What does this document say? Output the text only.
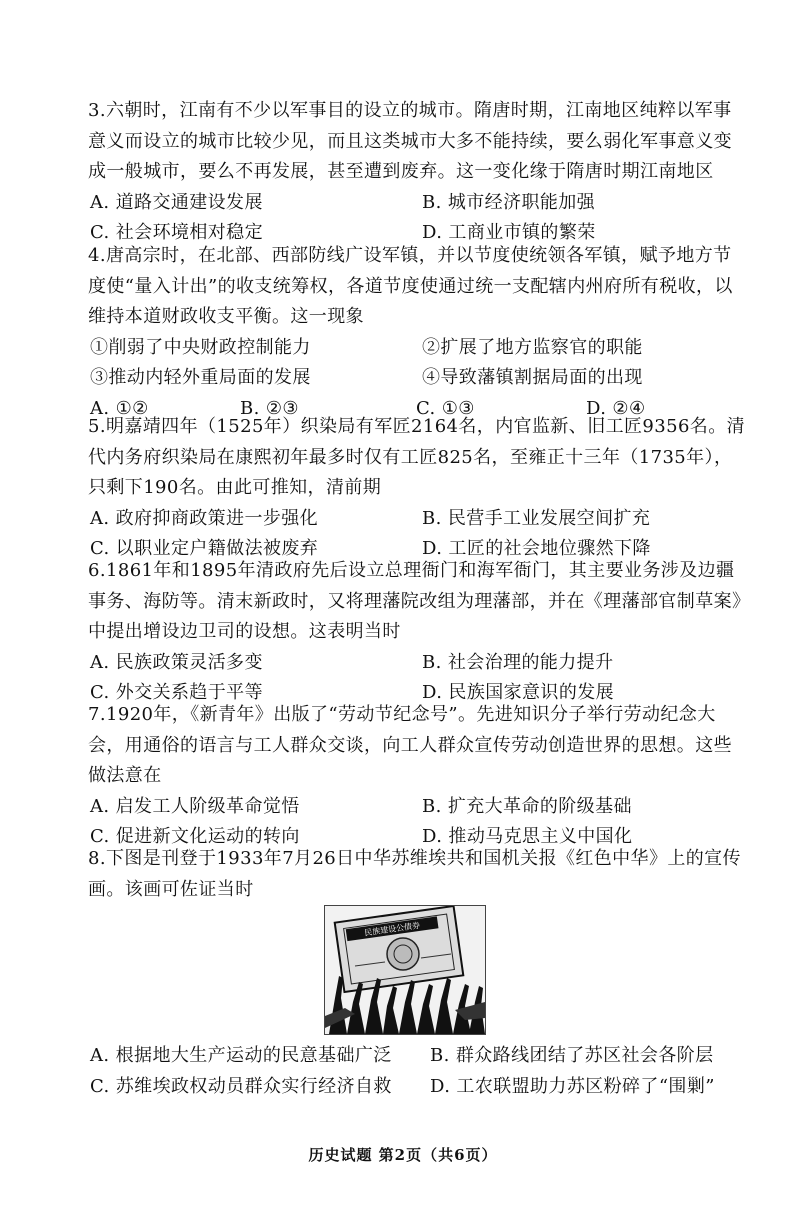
3.六朝时，江南有不少以军事目的设立的城市。隋唐时期，江南地区纯粹以军事意义而设立的城市比较少见，而且这类城市大多不能持续，要么弱化军事意义变成一般城市，要么不再发展，甚至遭到废弃。这一变化缘于隋唐时期江南地区

A. 道路交通建设发展	B. 城市经济职能加强
C. 社会环境相对稳定	D. 工商业市镇的繁荣

4.唐高宗时，在北部、西部防线广设军镇，并以节度使统领各军镇，赋予地方节度使“量入计出”的收支统筹权，各道节度使通过统一支配辖内州府所有税收，以维持本道财政收支平衡。这一现象

①削弱了中央财政控制能力	②扩展了地方监察官的职能
③推动内轻外重局面的发展	④导致藩镇割据局面的出现
A. ①②	B. ②③	C. ①③	D. ②④

5.明嘉靖四年（1525年）织染局有军匠2164名，内官监新、旧工匠9356名。清代内务府织染局在康熙初年最多时仅有工匠825名，至雍正十三年（1735年），只剩下190名。由此可推知，清前期

A. 政府抑商政策进一步强化	B. 民营手工业发展空间扩充
C. 以职业定户籍做法被废弃	D. 工匠的社会地位骤然下降

6.1861年和1895年清政府先后设立总理衙门和海军衙门，其主要业务涉及边疆事务、海防等。清末新政时，又将理藩院改组为理藩部，并在《理藩部官制草案》中提出增设边卫司的设想。这表明当时

A. 民族政策灵活多变	B. 社会治理的能力提升
C. 外交关系趋于平等	D. 民族国家意识的发展

7.1920年，《新青年》出版了“劳动节纪念号”。先进知识分子举行劳动纪念大会，用通俗的语言与工人群众交谈，向工人群众宣传劳动创造世界的思想。这些做法意在

A. 启发工人阶级革命觉悟	B. 扩充大革命的阶级基础
C. 促进新文化运动的转向	D. 推动马克思主义中国化

8.下图是刊登于1933年7月26日中华苏维埃共和国机关报《红色中华》上的宣传画。该画可佐证当时

民族建设公债券
A. 根据地大生产运动的民意基础广泛	B. 群众路线团结了苏区社会各阶层
C. 苏维埃政权动员群众实行经济自救	D. 工农联盟助力苏区粉碎了“围剿”
历史试题 第2页（共6页）
